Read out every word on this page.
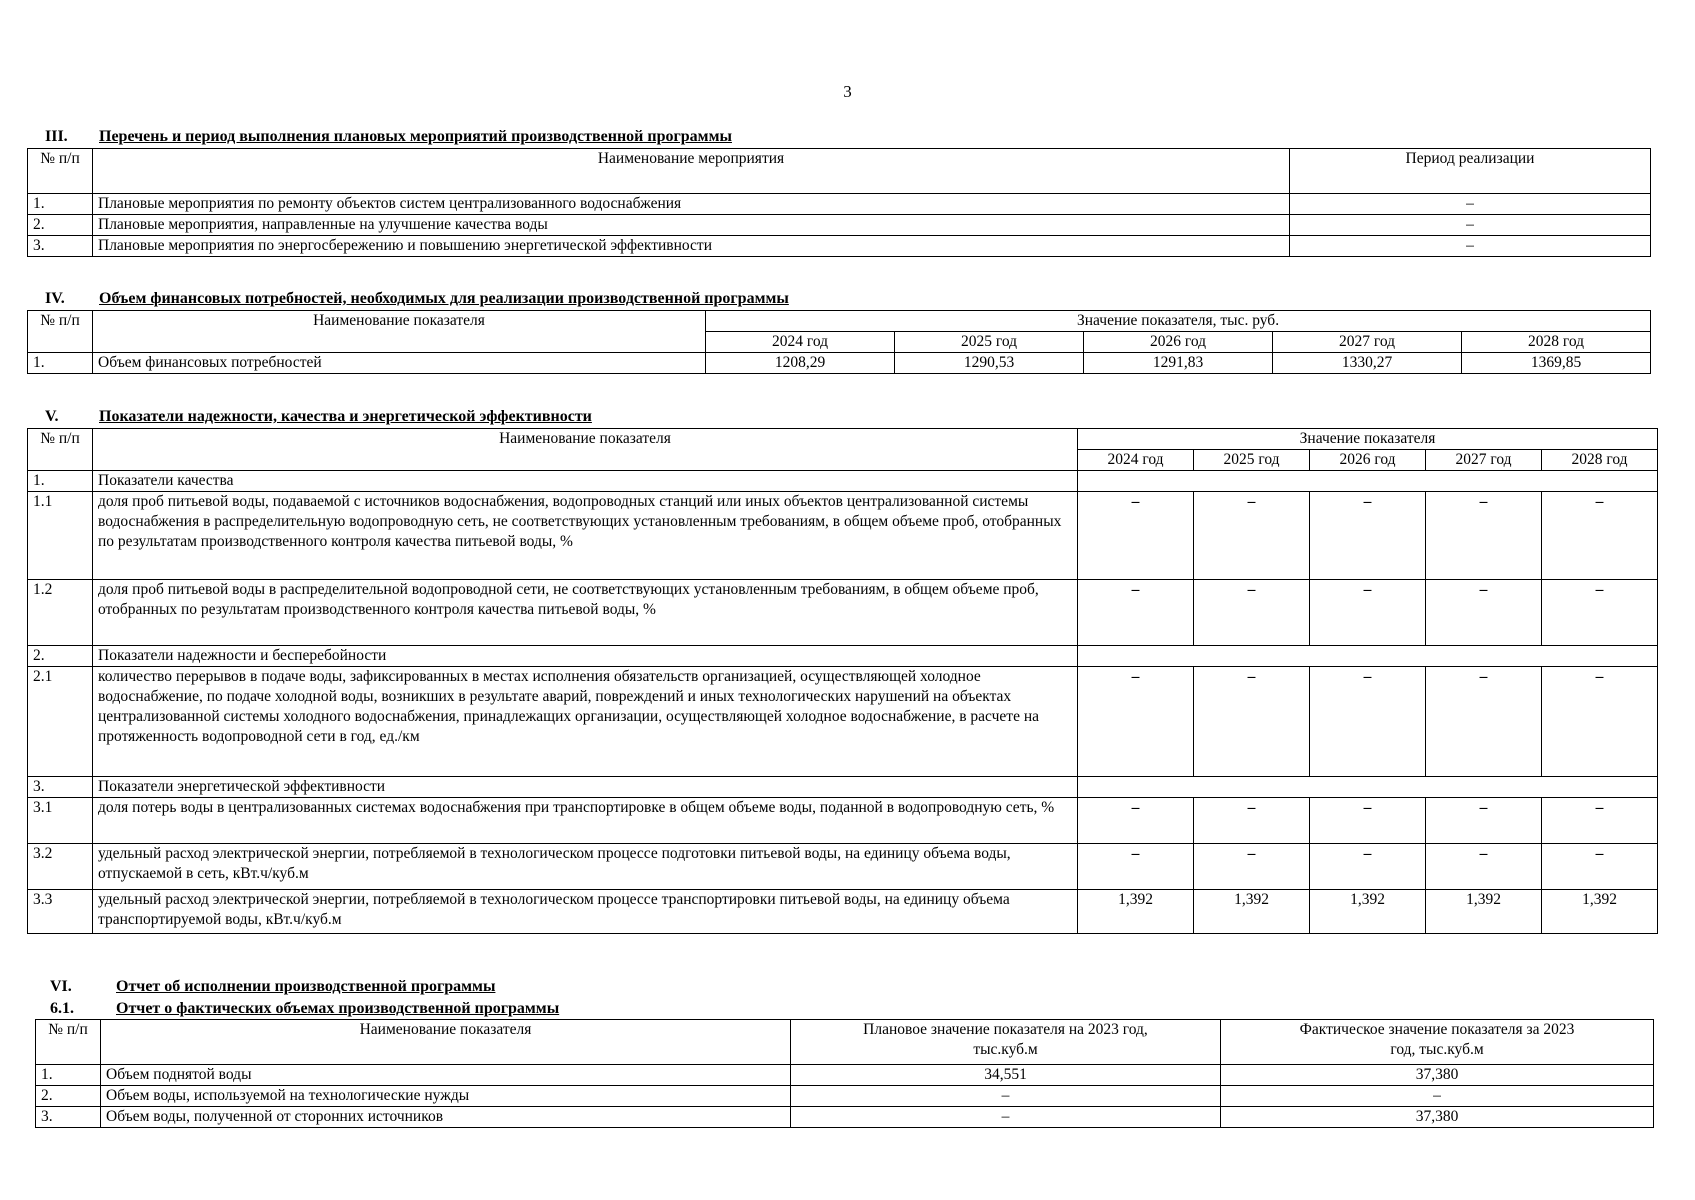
3
III. Перечень и период выполнения плановых мероприятий производственной программы
№ п/п	Наименование мероприятия	Период реализации
1.	Плановые мероприятия по ремонту объектов систем централизованного водоснабжения	–
2.	Плановые мероприятия, направленные на улучшение качества воды	–
3.	Плановые мероприятия по энергосбережению и повышению энергетической эффективности	–
IV. Объем финансовых потребностей, необходимых для реализации производственной программы
№ п/п	Наименование показателя	Значение показателя, тыс. руб.				
		2024 год	2025 год	2026 год	2027 год	2028 год
1.	Объем финансовых потребностей	1208,29	1290,53	1291,83	1330,27	1369,85
V.	Показатели надежности, качества и энергетической эффективности
№ п/п	Наименование показателя	Значение показателя				
		2024 год	2025 год	2026 год	2027 год	2028 год
1.	Показатели качества					
1.1	доля проб питьевой воды, подаваемой с источников водоснабжения, водопроводных станций или иных объектов централизованной системы водоснабжения в распределительную водопроводную сеть, не соответствующих установленным требованиям, в общем объеме проб, отобранных по результатам производственного контроля качества питьевой воды, %	–	–	–	–	–
1.2	доля проб питьевой воды в распределительной водопроводной сети, не соответствующих установленным требованиям, в общем объеме проб, отобранных по результатам производственного контроля качества питьевой воды, %	–	–	–	–	–
2.	Показатели надежности и бесперебойности					
2.1	количество перерывов в подаче воды, зафиксированных в местах исполнения обязательств организацией, осуществляющей холодное водоснабжение, по подаче холодной воды, возникших в результате аварий, повреждений и иных технологических нарушений на объектах централизованной системы холодного водоснабжения, принадлежащих организации, осуществляющей холодное водоснабжение, в расчете на протяженность водопроводной сети в год, ед./км	–	–	–	–	–
3.	Показатели энергетической эффективности					
3.1	доля потерь воды в централизованных системах водоснабжения при транспортировке в общем объеме воды, поданной в водопроводную сеть, %	–	–	–	–	–
3.2	удельный расход электрической энергии, потребляемой в технологическом процессе подготовки питьевой воды, на единицу объема воды, отпускаемой в сеть, кВт.ч/куб.м	–	–	–	–	–
3.3	удельный расход электрической энергии, потребляемой в технологическом процессе транспортировки питьевой воды, на единицу объема транспортируемой воды, кВт.ч/куб.м	1,392	1,392	1,392	1,392	1,392
VI.	Отчет об исполнении производственной программы
6.1.	Отчет о фактических объемах производственной программы
№ п/п	Наименование показателя	Плановое значение показателя на 2023 год, тыс.куб.м	Фактическое значение показателя за 2023 год, тыс.куб.м
1.	Объем поднятой воды	34,551	37,380
2.	Объем воды, используемой на технологические нужды	–	–
3.	Объем воды, полученной от сторонних источников	–	37,380
